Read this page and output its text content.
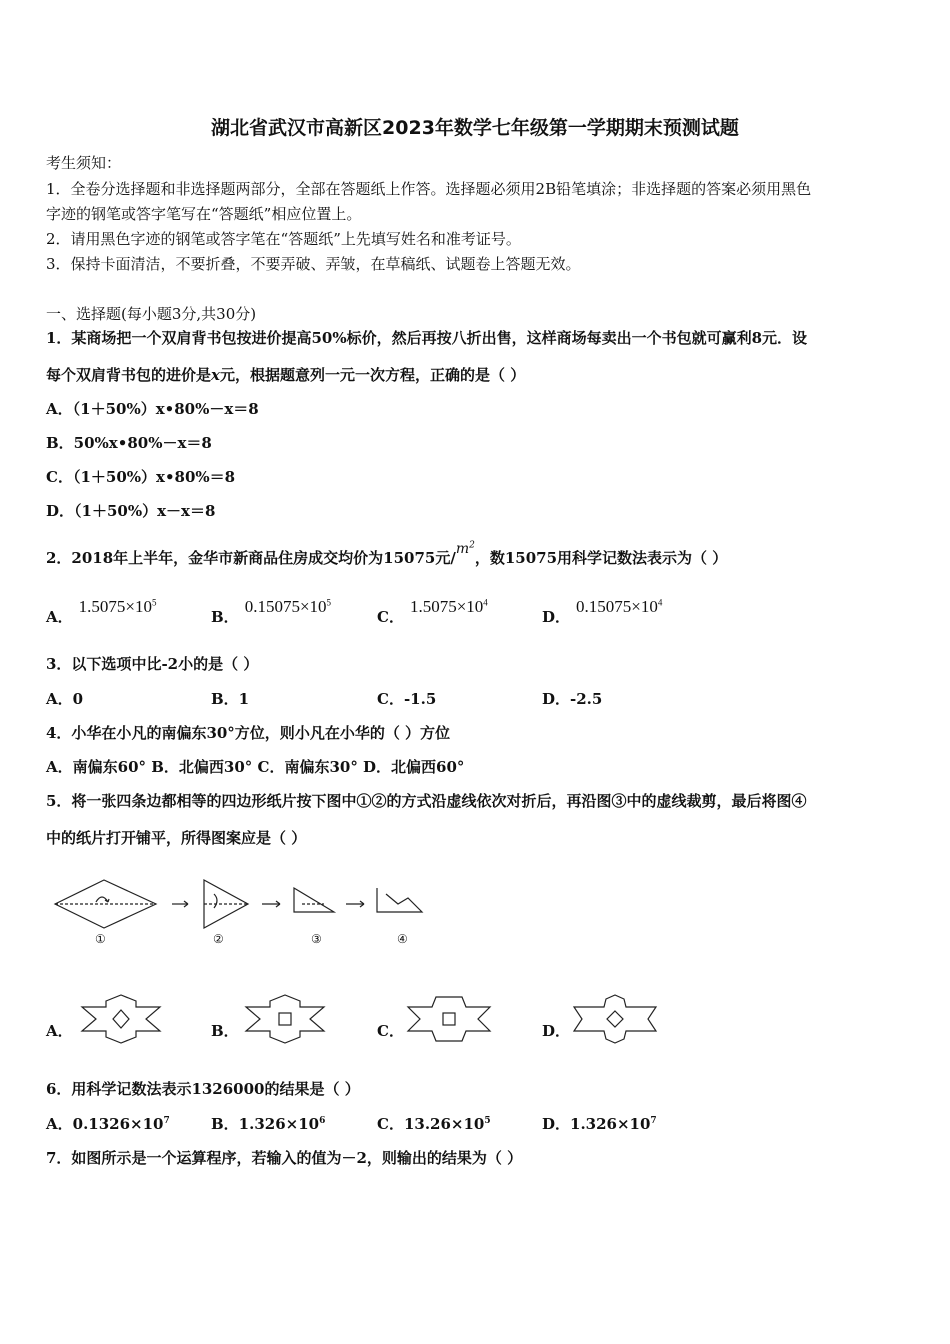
湖北省武汉市高新区2023年数学七年级第一学期期末预测试题
考生须知：
1．全卷分选择题和非选择题两部分，全部在答题纸上作答。选择题必须用2B铅笔填涂；非选择题的答案必须用黑色
字迹的钢笔或答字笔写在“答题纸”相应位置上。
2．请用黑色字迹的钢笔或答字笔在“答题纸”上先填写姓名和准考证号。
3．保持卡面清洁，不要折叠，不要弄破、弄皱，在草稿纸、试题卷上答题无效。
一、选择题(每小题3分,共30分)
1．某商场把一个双肩背书包按进价提高50%标价，然后再按八折出售，这样商场每卖出一个书包就可赢利8元．设
每个双肩背书包的进价是x元，根据题意列一元一次方程，正确的是（ ）
A．（1＋50%）x•80%－x＝8
B．50%x•80%－x＝8
C．（1＋50%）x•80%＝8
D．（1＋50%）x－x＝8
2．2018年上半年，金华市新商品住房成交均价为15075元$/m^2$，数15075用科学记数法表示为（ ）
A．$1.5075\times 10^5$
B．$0.15075\times 10^5$
C．$1.5075\times 10^4$
D．$0.15075\times 10^4$
3．以下选项中比-2小的是（ ）
A．0	B．1	C．-1.5	D．-2.5
4．小华在小凡的南偏东30°方位，则小凡在小华的（ ）方位
A．南偏东60° B．北偏西30° C．南偏东30° D．北偏西60°
5．将一张四条边都相等的四边形纸片按下图中①②的方式沿虚线依次对折后，再沿图③中的虚线裁剪，最后将图④
中的纸片打开铺平，所得图案应是（ ）
①	②	③	④
A．	B．	C．	D．
6．用科学记数法表示1326000的结果是（ ）
A．$0.1326\times 10^7$	B．$1.326\times 10^6$	C．$13.26\times 10^5$	D．$1.326\times 10^7$
7．如图所示是一个运算程序，若输入的值为－2，则输出的结果为（ ）
